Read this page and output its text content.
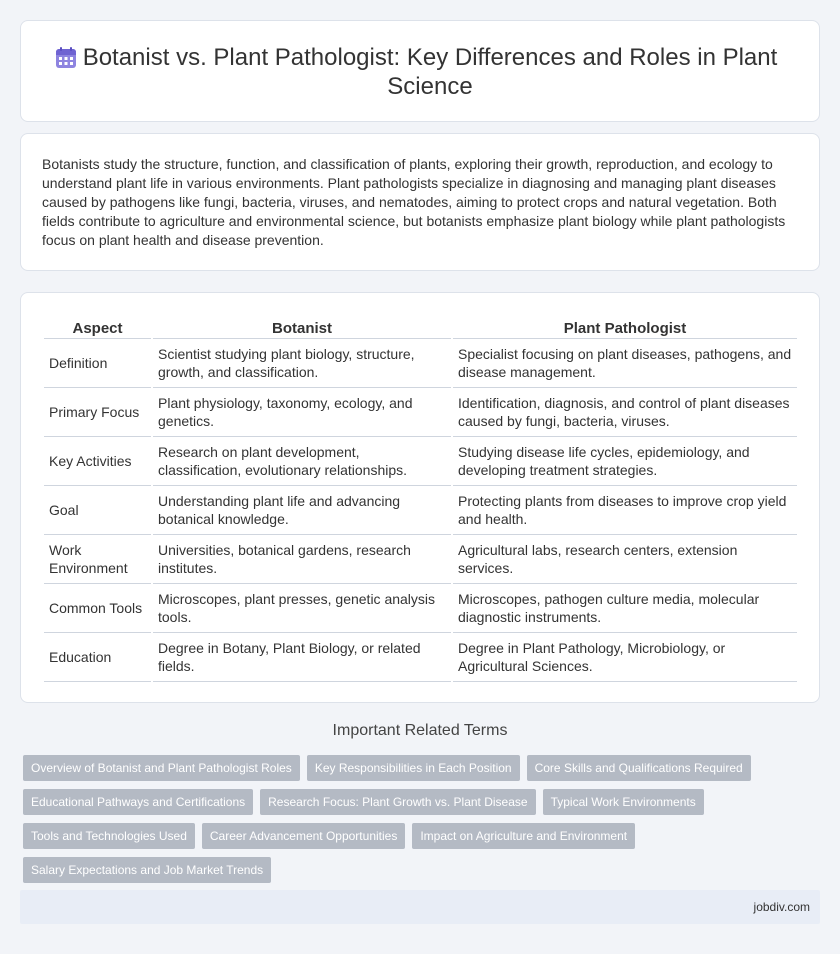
Botanist vs. Plant Pathologist: Key Differences and Roles in Plant Science

Botanists study the structure, function, and classification of plants, exploring their growth, reproduction, and ecology to understand plant life in various environments. Plant pathologists specialize in diagnosing and managing plant diseases caused by pathogens like fungi, bacteria, viruses, and nematodes, aiming to protect crops and natural vegetation. Both fields contribute to agriculture and environmental science, but botanists emphasize plant biology while plant pathologists focus on plant health and disease prevention.

Aspect	Botanist	Plant Pathologist
Definition	Scientist studying plant biology, structure, growth, and classification.	Specialist focusing on plant diseases, pathogens, and disease management.
Primary Focus	Plant physiology, taxonomy, ecology, and genetics.	Identification, diagnosis, and control of plant diseases caused by fungi, bacteria, viruses.
Key Activities	Research on plant development, classification, evolutionary relationships.	Studying disease life cycles, epidemiology, and developing treatment strategies.
Goal	Understanding plant life and advancing botanical knowledge.	Protecting plants from diseases to improve crop yield and health.
Work Environment	Universities, botanical gardens, research institutes.	Agricultural labs, research centers, extension services.
Common Tools	Microscopes, plant presses, genetic analysis tools.	Microscopes, pathogen culture media, molecular diagnostic instruments.
Education	Degree in Botany, Plant Biology, or related fields.	Degree in Plant Pathology, Microbiology, or Agricultural Sciences.
Important Related Terms
Overview of Botanist and Plant Pathologist Roles	Key Responsibilities in Each Position	Core Skills and Qualifications Required
Educational Pathways and Certifications	Research Focus: Plant Growth vs. Plant Disease	Typical Work Environments
Tools and Technologies Used	Career Advancement Opportunities	Impact on Agriculture and Environment
Salary Expectations and Job Market Trends
jobdiv.com
